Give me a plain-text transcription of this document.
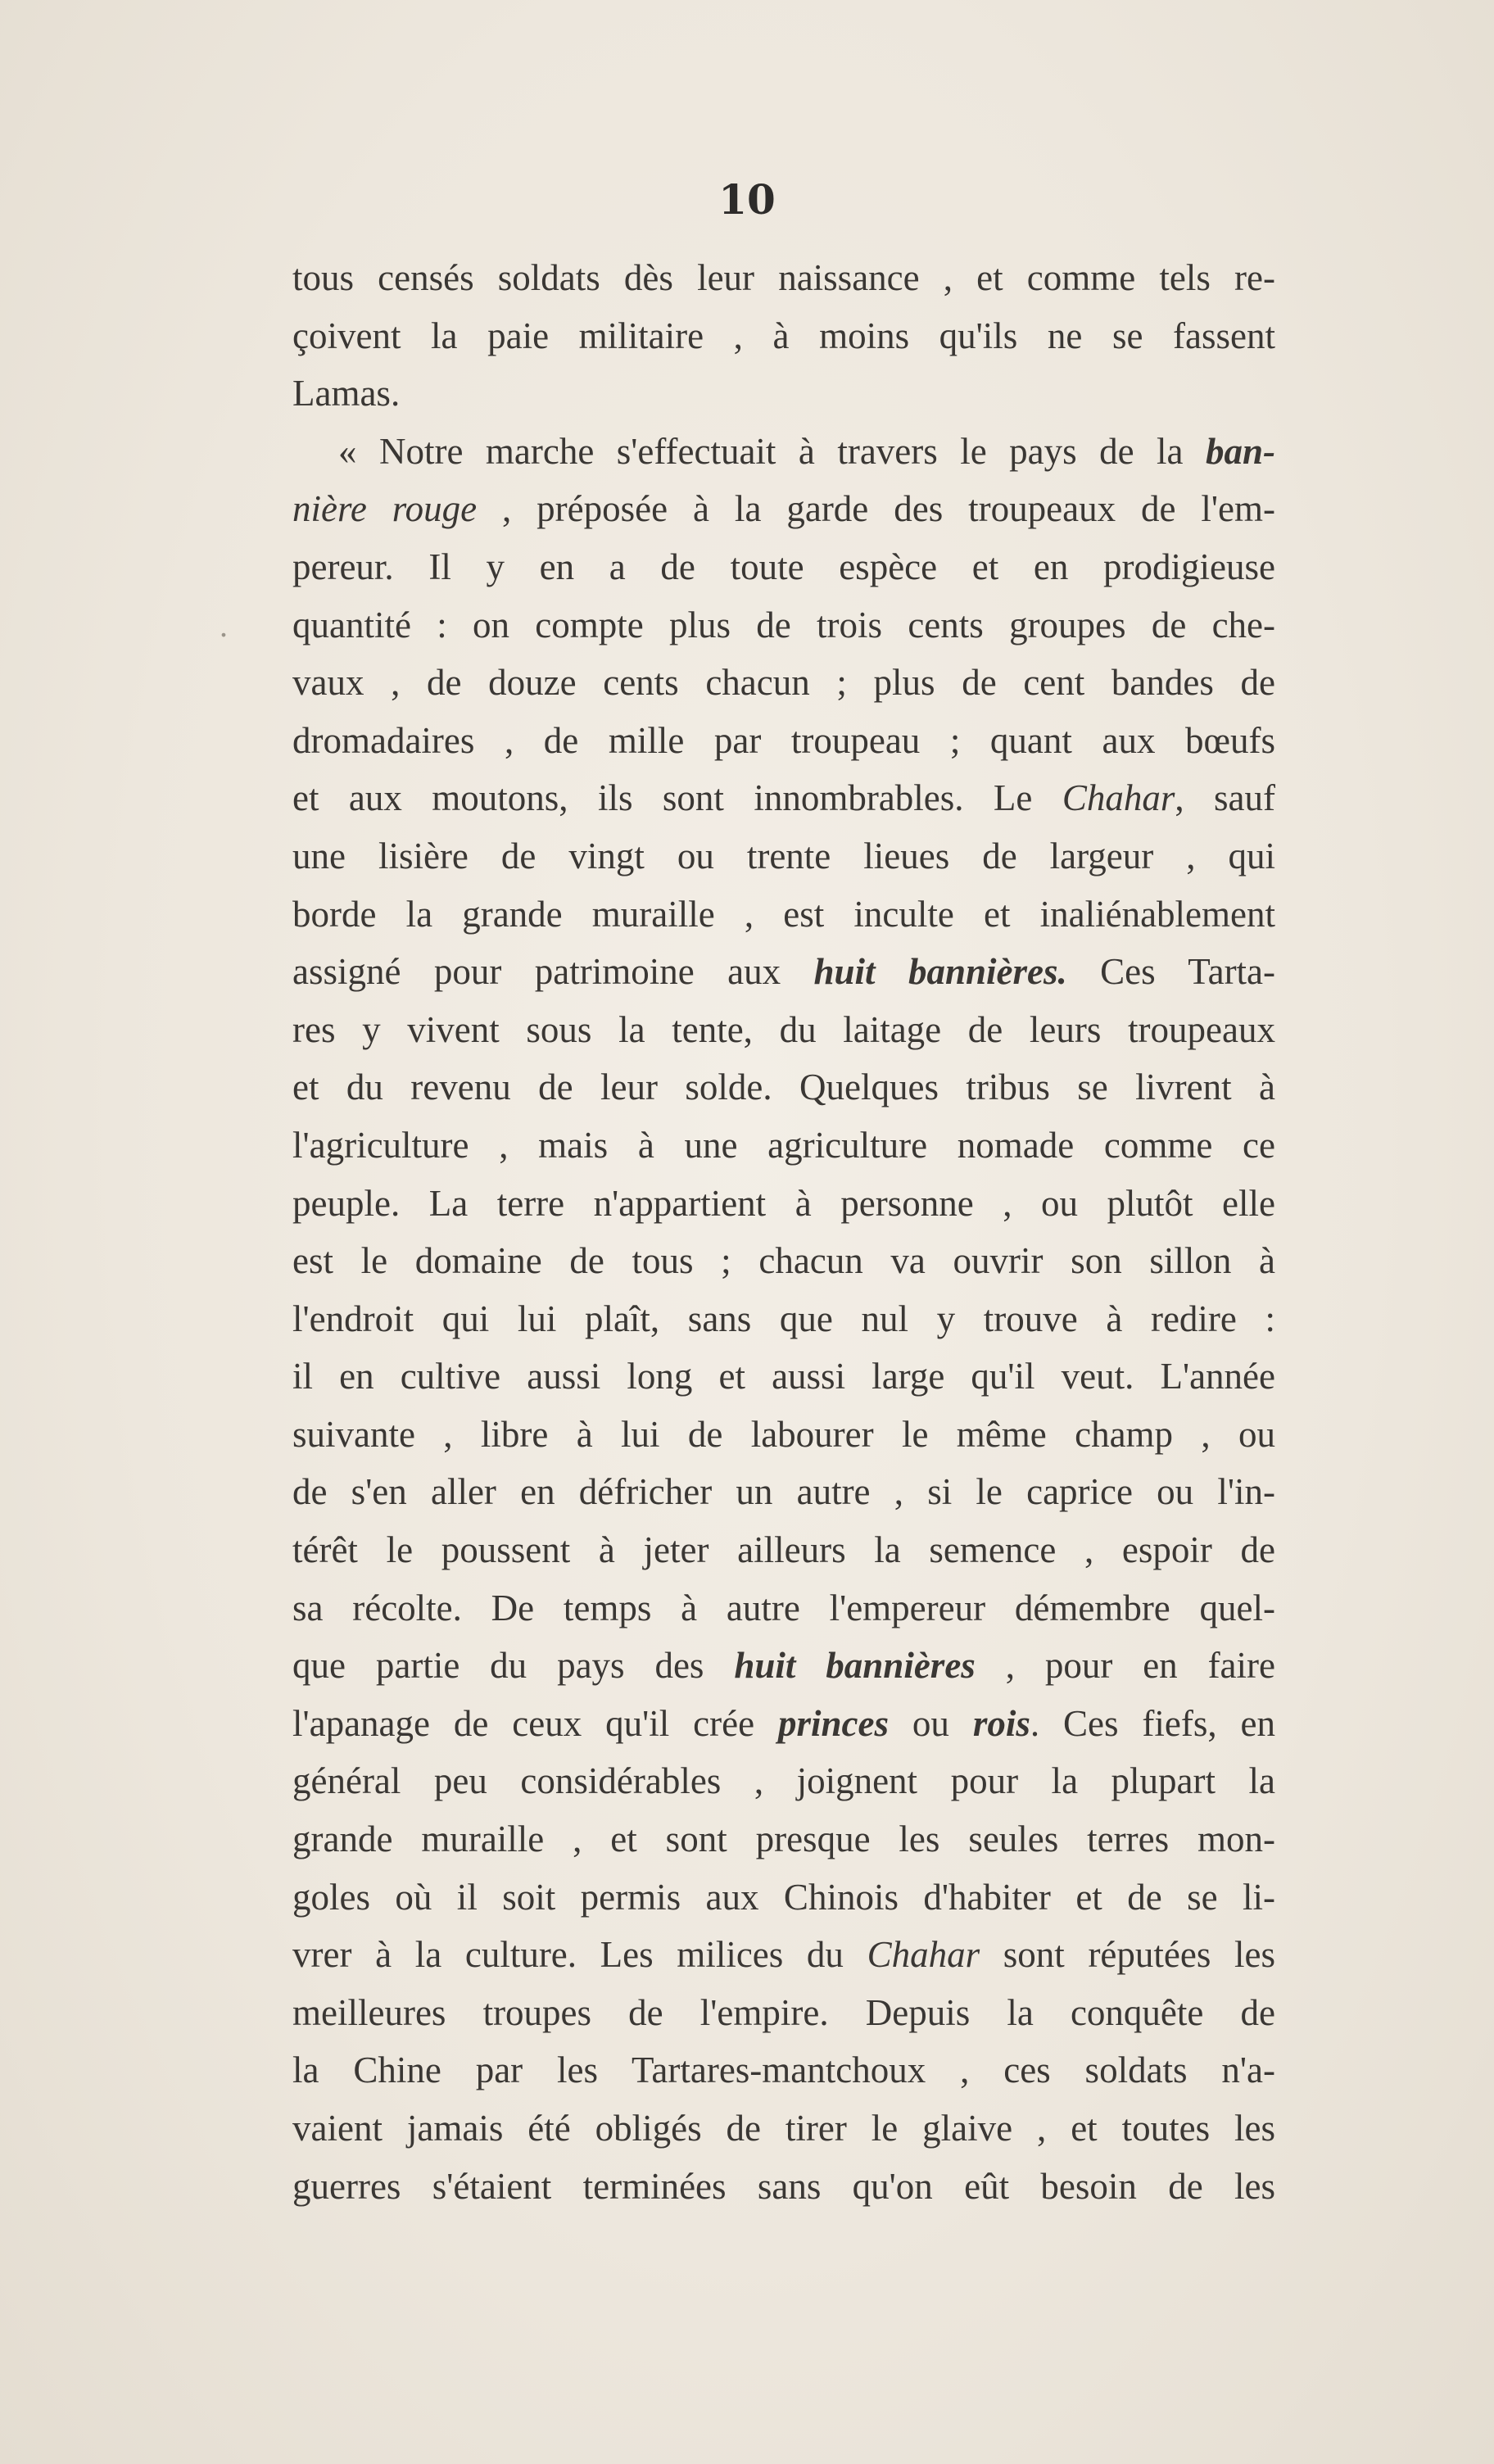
10
.

tous censés soldats dès leur naissance , et comme tels re-

çoivent la paie militaire , à moins qu'ils ne se fassent

Lamas.

« Notre marche s'effectuait à travers le pays de la ban-

nière rouge , préposée à la garde des troupeaux de l'em-

pereur. Il y en a de toute espèce et en prodigieuse

quantité : on compte plus de trois cents groupes de che-

vaux , de douze cents chacun ; plus de cent bandes de

dromadaires , de mille par troupeau ; quant aux bœufs

et aux moutons, ils sont innombrables. Le Chahar, sauf

une lisière de vingt ou trente lieues de largeur , qui

borde la grande muraille , est inculte et inaliénablement

assigné pour patrimoine aux huit bannières. Ces Tarta-

res y vivent sous la tente, du laitage de leurs troupeaux

et du revenu de leur solde. Quelques tribus se livrent à

l'agriculture , mais à une agriculture nomade comme ce

peuple. La terre n'appartient à personne , ou plutôt elle

est le domaine de tous ; chacun va ouvrir son sillon à

l'endroit qui lui plaît, sans que nul y trouve à redire :

il en cultive aussi long et aussi large qu'il veut. L'année

suivante , libre à lui de labourer le même champ , ou

de s'en aller en défricher un autre , si le caprice ou l'in-

térêt le poussent à jeter ailleurs la semence , espoir de

sa récolte. De temps à autre l'empereur démembre quel-

que partie du pays des huit bannières , pour en faire

l'apanage de ceux qu'il crée princes ou rois. Ces fiefs, en

général peu considérables , joignent pour la plupart la

grande muraille , et sont presque les seules terres mon-

goles où il soit permis aux Chinois d'habiter et de se li-

vrer à la culture. Les milices du Chahar sont réputées les

meilleures troupes de l'empire. Depuis la conquête de

la Chine par les Tartares-mantchoux , ces soldats n'a-

vaient jamais été obligés de tirer le glaive , et toutes les

guerres s'étaient terminées sans qu'on eût besoin de les
